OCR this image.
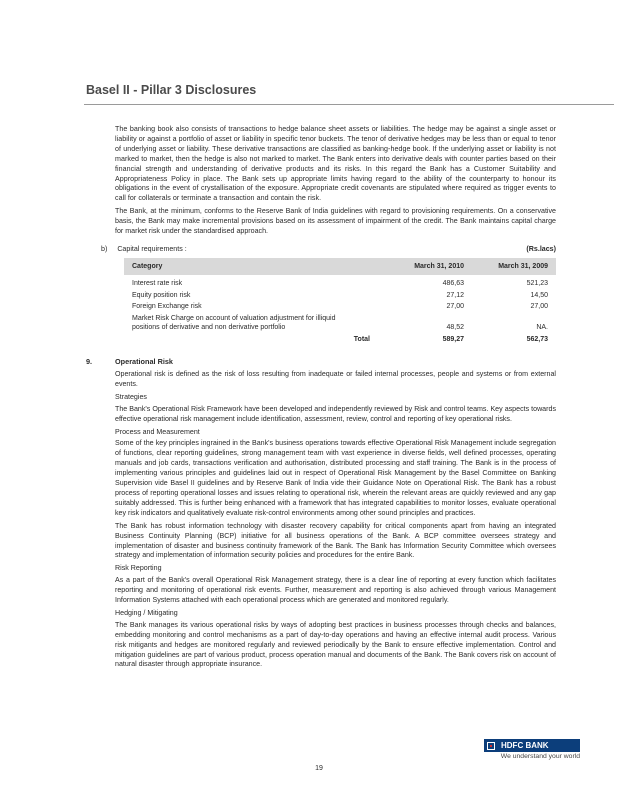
Basel II - Pillar 3 Disclosures

The banking book also consists of transactions to hedge balance sheet assets or liabilities. The hedge may be against a single asset or liability or against a portfolio of asset or liability in specific tenor buckets. The tenor of derivative hedges may be less than or equal to tenor of underlying asset or liability. These derivative transactions are classified as banking-hedge book. If the underlying asset or liability is not marked to market, then the hedge is also not marked to market. The Bank enters into derivative deals with counter parties based on their financial strength and understanding of derivative products and its risks. In this regard the Bank has a Customer Suitability and Appropriateness Policy in place. The Bank sets up appropriate limits having regard to the ability of the counterparty to honour its obligations in the event of crystallisation of the exposure. Appropriate credit covenants are stipulated where required as trigger events to call for collaterals or terminate a transaction and contain the risk.

The Bank, at the minimum, conforms to the Reserve Bank of India guidelines with regard to provisioning requirements. On a conservative basis, the Bank may make incremental provisions based on its assessment of impairment of the credit. The Bank maintains capital charge for market risk under the standardised approach.

b) Capital requirements :	(Rs.lacs)
Category	March 31, 2010	March 31, 2009

Interest rate risk	486,63	521,23
Equity position risk	27,12	14,50
Foreign Exchange risk	27,00	27,00
Market Risk Charge on account of valuation adjustment for illiquid positions of derivative and non derivative portfolio	48,52	NA.
Total	589,27	562,73
9.	Operational Risk

Operational risk is defined as the risk of loss resulting from inadequate or failed internal processes, people and systems or from external events.

Strategies

The Bank's Operational Risk Framework have been developed and independently reviewed by Risk and control teams. Key aspects towards effective operational risk management include identification, assessment, review, control and reporting of key operational risks.

Process and Measurement

Some of the key principles ingrained in the Bank's business operations towards effective Operational Risk Management include segregation of functions, clear reporting guidelines, strong management team with vast experience in diverse fields, well defined processes, operating manuals and job cards, transactions verification and authorisation, distributed processing and staff training. The Bank is in the process of implementing various principles and guidelines laid out in respect of Operational Risk Management by the Basel Committee on Banking Supervision vide Basel II guidelines and by Reserve Bank of India vide their Guidance Note on Operational Risk. The Bank has a robust process of reporting operational losses and issues relating to operational risk, wherein the relevant areas are quickly reviewed and any gap suitably addressed. This is further being enhanced with a framework that has integrated capabilities to monitor losses, evaluate operational key risk indicators and qualitatively evaluate risk-control environments among other sound principles and practices.

The Bank has robust information technology with disaster recovery capability for critical components apart from having an integrated Business Continuity Planning (BCP) initiative for all business operations of the Bank. A BCP committee oversees strategy and implementation of disaster and business continuity framework of the Bank. The Bank has Information Security Committee which oversees strategy and implementation of information security policies and procedures for the entire Bank.

Risk Reporting

As a part of the Bank's overall Operational Risk Management strategy, there is a clear line of reporting at every function which facilitates reporting and monitoring of operational risk events. Further, measurement and reporting is also achieved through various Management Information Systems attached with each operational process which are generated and monitored regularly.

Hedging / Mitigating

The Bank manages its various operational risks by ways of adopting best practices in business processes through checks and balances, embedding monitoring and control mechanisms as a part of day-to-day operations and having an effective internal audit process. Various risk mitigants and hedges are monitored regularly and reviewed periodically by the Bank to ensure effective implementation. Control and mitigation guidelines are part of various product, process operation manual and documents of the Bank. The Bank covers risk on account of natural disaster through appropriate insurance.

HDFC BANK
We understand your world
19
